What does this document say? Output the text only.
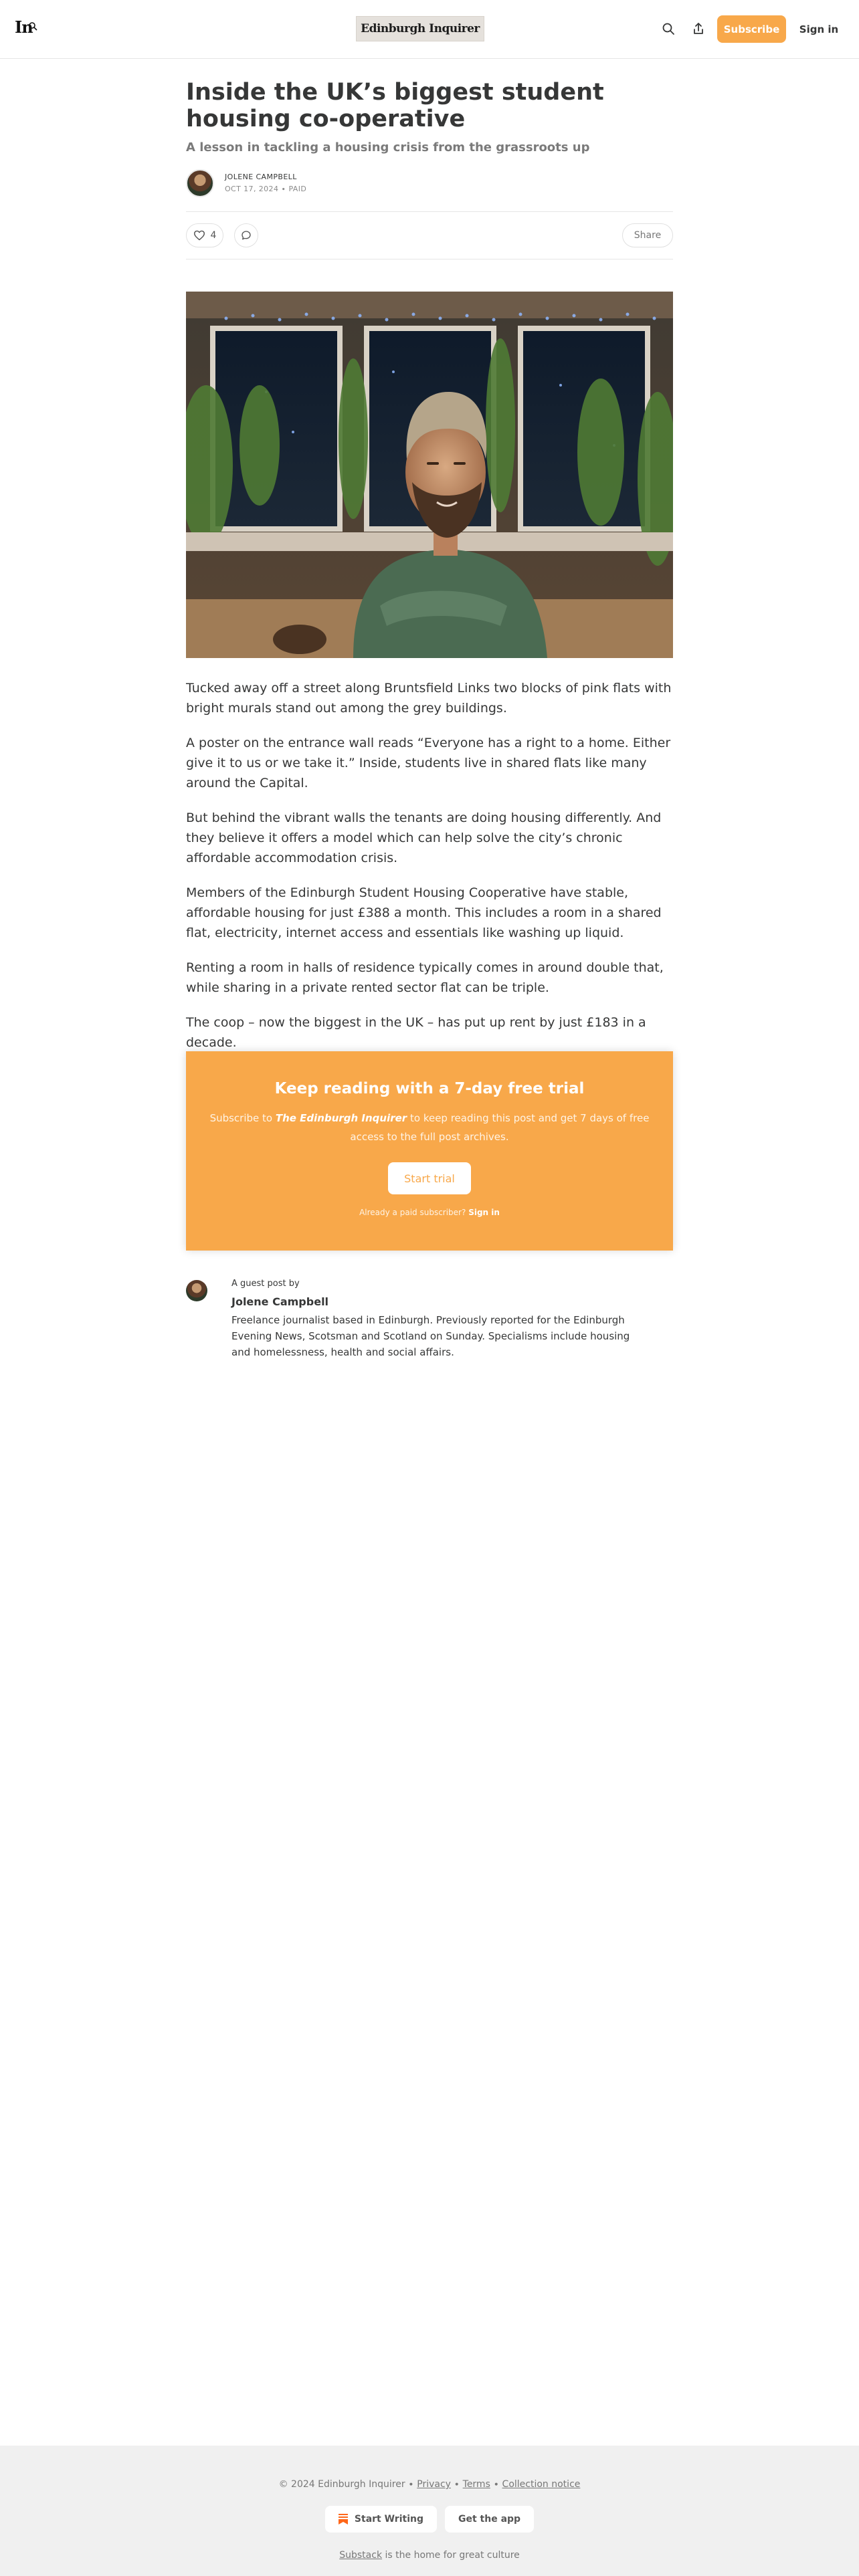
In	Edinburgh Inquirer	Subscribe	Sign in
Inside the UK’s biggest student housing co-operative
A lesson in tackling a housing crisis from the grassroots up
JOLENE CAMPBELL
OCT 17, 2024 ∙ PAID
4	Share

Tucked away off a street along Bruntsfield Links two blocks of pink flats with bright murals stand out among the grey buildings.

A poster on the entrance wall reads “Everyone has a right to a home. Either give it to us or we take it.” Inside, students live in shared flats like many around the Capital.

But behind the vibrant walls the tenants are doing housing differently. And they believe it offers a model which can help solve the city’s chronic affordable accommodation crisis.

Members of the Edinburgh Student Housing Cooperative have stable, affordable housing for just £388 a month. This includes a room in a shared flat, electricity, internet access and essentials like washing up liquid.

Renting a room in halls of residence typically comes in around double that, while sharing in a private rented sector flat can be triple.

The coop – now the biggest in the UK – has put up rent by just £183 in a decade.

Keep reading with a 7-day free trial
Subscribe to The Edinburgh Inquirer to keep reading this post and get 7 days of free access to the full post archives.
Start trial
Already a paid subscriber? Sign in
A guest post by
Jolene Campbell
Freelance journalist based in Edinburgh. Previously reported for the Edinburgh Evening News, Scotsman and Scotland on Sunday. Specialisms include housing and homelessness, health and social affairs.
© 2024 Edinburgh Inquirer ∙ Privacy ∙ Terms ∙ Collection notice
Start Writing	Get the app
Substack is the home for great culture
